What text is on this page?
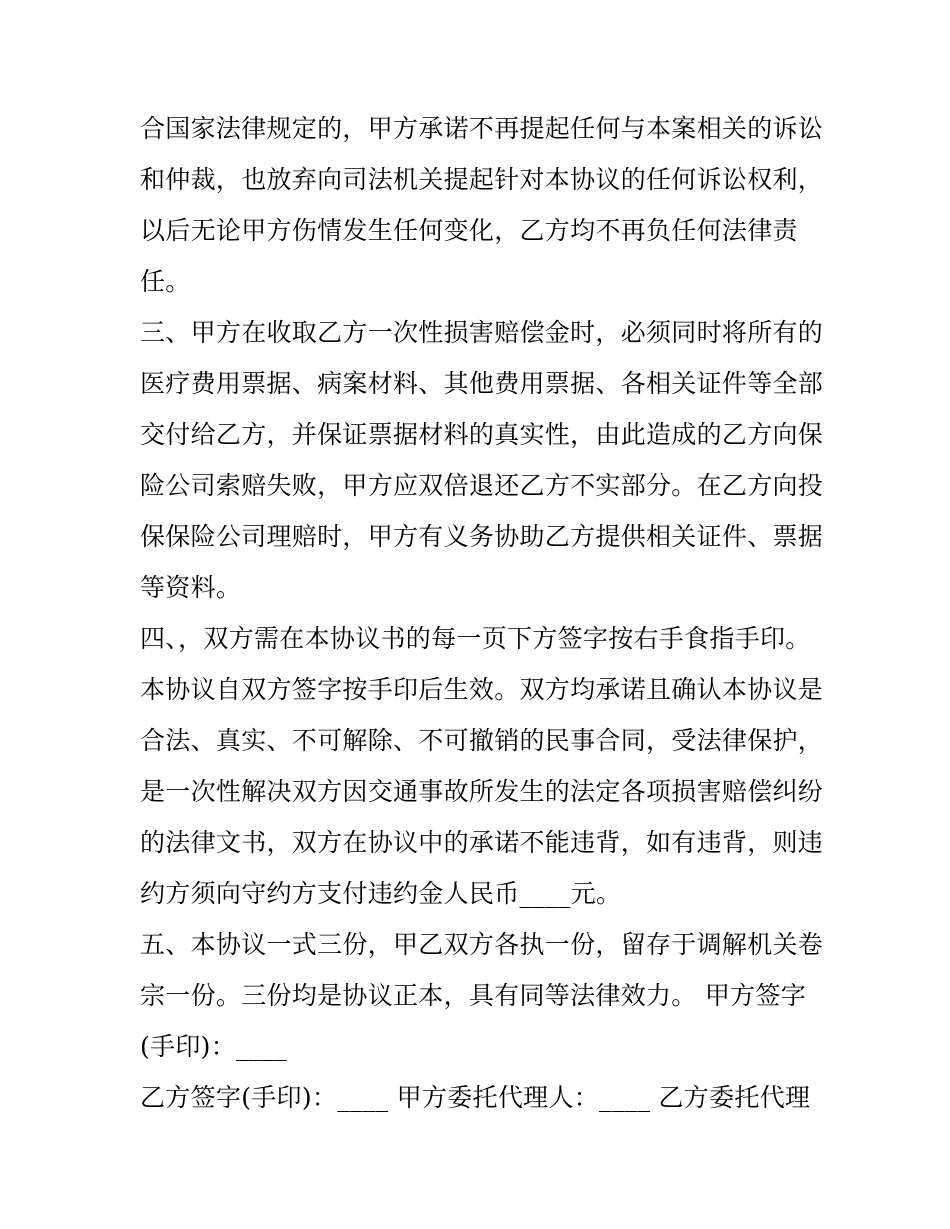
合国家法律规定的，甲方承诺不再提起任何与本案相关的诉讼
和仲裁，也放弃向司法机关提起针对本协议的任何诉讼权利，
以后无论甲方伤情发生任何变化，乙方均不再负任何法律责
任。
三、甲方在收取乙方一次性损害赔偿金时，必须同时将所有的
医疗费用票据、病案材料、其他费用票据、各相关证件等全部
交付给乙方，并保证票据材料的真实性，由此造成的乙方向保
险公司索赔失败，甲方应双倍退还乙方不实部分。在乙方向投
保保险公司理赔时，甲方有义务协助乙方提供相关证件、票据
等资料。
四、，双方需在本协议书的每一页下方签字按右手食指手印。
本协议自双方签字按手印后生效。双方均承诺且确认本协议是
合法、真实、不可解除、不可撤销的民事合同，受法律保护，
是一次性解决双方因交通事故所发生的法定各项损害赔偿纠纷
的法律文书，双方在协议中的承诺不能违背，如有违背，则违
约方须向守约方支付违约金人民币____元。
五、本协议一式三份，甲乙双方各执一份，留存于调解机关卷
宗一份。三份均是协议正本，具有同等法律效力。 甲方签字
(手印)：____
乙方签字(手印)：____ 甲方委托代理人：____ 乙方委托代理
